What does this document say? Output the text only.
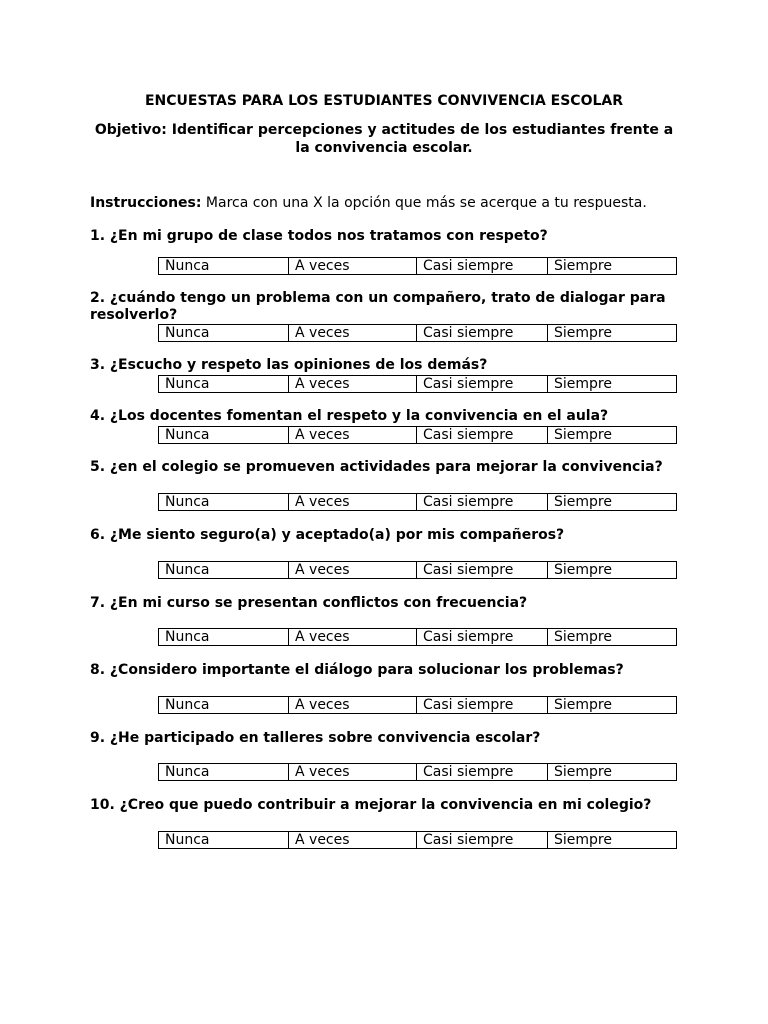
ENCUESTAS PARA LOS ESTUDIANTES CONVIVENCIA ESCOLAR
Objetivo: Identificar percepciones y actitudes de los estudiantes frente a la convivencia escolar.
Instrucciones: Marca con una X la opción que más se acerque a tu respuesta.
1. ¿En mi grupo de clase todos nos tratamos con respeto?
Nunca	A veces	Casi siempre	Siempre
2. ¿cuándo tengo un problema con un compañero, trato de dialogar para resolverlo?
Nunca	A veces	Casi siempre	Siempre
3. ¿Escucho y respeto las opiniones de los demás?
Nunca	A veces	Casi siempre	Siempre
4. ¿Los docentes fomentan el respeto y la convivencia en el aula?
Nunca	A veces	Casi siempre	Siempre
5. ¿en el colegio se promueven actividades para mejorar la convivencia?
Nunca	A veces	Casi siempre	Siempre
6. ¿Me siento seguro(a) y aceptado(a) por mis compañeros?
Nunca	A veces	Casi siempre	Siempre
7. ¿En mi curso se presentan conflictos con frecuencia?
Nunca	A veces	Casi siempre	Siempre
8. ¿Considero importante el diálogo para solucionar los problemas?
Nunca	A veces	Casi siempre	Siempre
9. ¿He participado en talleres sobre convivencia escolar?
Nunca	A veces	Casi siempre	Siempre
10. ¿Creo que puedo contribuir a mejorar la convivencia en mi colegio?
Nunca	A veces	Casi siempre	Siempre
